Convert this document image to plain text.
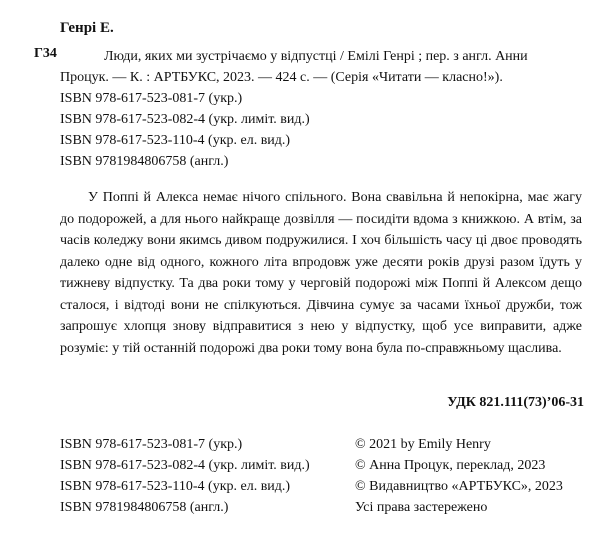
Генрі Е.
Г34	Люди, яких ми зустрічаємо у відпустці / Емілі Генрі ; пер. з англ. Анни
Процук. — К. : АРТБУКС, 2023. — 424 с. — (Серія «Читати — класно!»).
ISBN 978-617-523-081-7 (укр.)
ISBN 978-617-523-082-4 (укр. лиміт. вид.)
ISBN 978-617-523-110-4 (укр. ел. вид.)
ISBN 9781984806758 (англ.)

У Поппі й Алекса немає нічого спільного. Вона свавільна й непокірна, має жагу до подорожей, а для нього найкраще дозвілля — посидіти вдома з книжкою. А втім, за часів коледжу вони якимсь дивом подружилися. І хоч більшість часу ці двоє проводять далеко одне від одного, кожного літа впродовж уже десяти років друзі разом їдуть у тижневу відпустку. Та два роки тому у черговій подорожі між Поппі й Алексом дещо сталося, і відтоді вони не спілкуються. Дівчина сумує за часами їхньої дружби, тож запрошує хлопця знову відправитися з нею у відпустку, щоб усе виправити, адже розуміє: у тій останній подорожі два роки тому вона була по-справжньому щаслива.

УДК 821.111(73)’06-31
ISBN 978-617-523-081-7 (укр.)
ISBN 978-617-523-082-4 (укр. лиміт. вид.)
ISBN 978-617-523-110-4 (укр. ел. вид.)
ISBN 9781984806758 (англ.)
© 2021 by Emily Henry
© Анна Процук, переклад, 2023
© Видавництво «АРТБУКС», 2023
Усі права застережено
